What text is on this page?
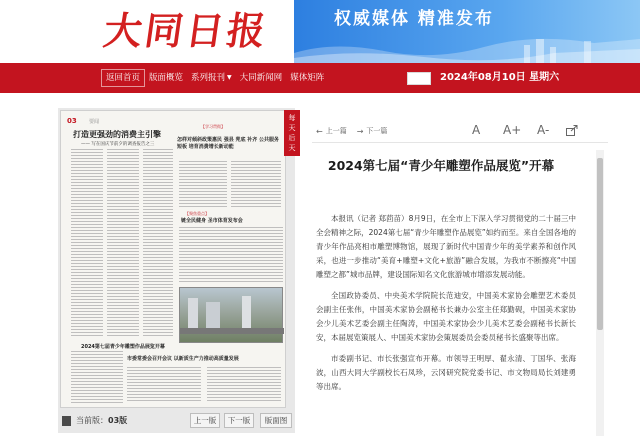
大同日报	权威媒体 精准发布
返回首页 版面概览 系列报刊 ▼ 大同新闻网 媒体矩阵	2024年08月10日 星期六
03 要闻
打造更强劲的消费主引擎
—— 写在国庆节前夕的调查报告之三
【学习贯彻】
怎样对倾斜政策惠民 强县 兜底 补齐 公共服务短板 培育消费增长新动能
【聚焦重点】
链全民健身 圣市体育发布会
2024第七届青少年雕塑作品展览开幕
市委常委会召开会议 以新质生产力推动高质量发展
每
天
后
天
当前版：03版	上一版	下一版	版面图
← 上一篇 → 下一篇	A A+ A-
2024第七届“青少年雕塑作品展览”开幕

本报讯（记者 郑茴苗）8月9日，在全市上下深入学习贯彻党的二十届三中全会精神之际，2024第七届“青少年雕塑作品展览”如约而至。来自全国各地的青少年作品亮相市雕塑博物馆，展现了新时代中国青少年的美学素养和创作风采，也进一步推动“美育+雕塑+文化+旅游”融合发展，为我市不断擦亮“中国雕塑之都”城市品牌，建设国际知名文化旅游城市增添发展动能。

全国政协委员、中央美术学院院长范迪安，中国美术家协会雕塑艺术委员会副主任张伟，中国美术家协会副秘书长兼办公室主任郑勤砚，中国美术家协会少儿美术艺委会副主任陶涛，中国美术家协会少儿美术艺委会副秘书长新长安，本届展览策展人、中国美术家协会策展委员会委员秘书长盛聚等出席。

市委副书记、市长张强宣布开幕。市领导王明厚、翟永清、丁国华、张海波，山西大同大学副校长石凤珍，云冈研究院党委书记、市文物局局长刘建勇等出席。
